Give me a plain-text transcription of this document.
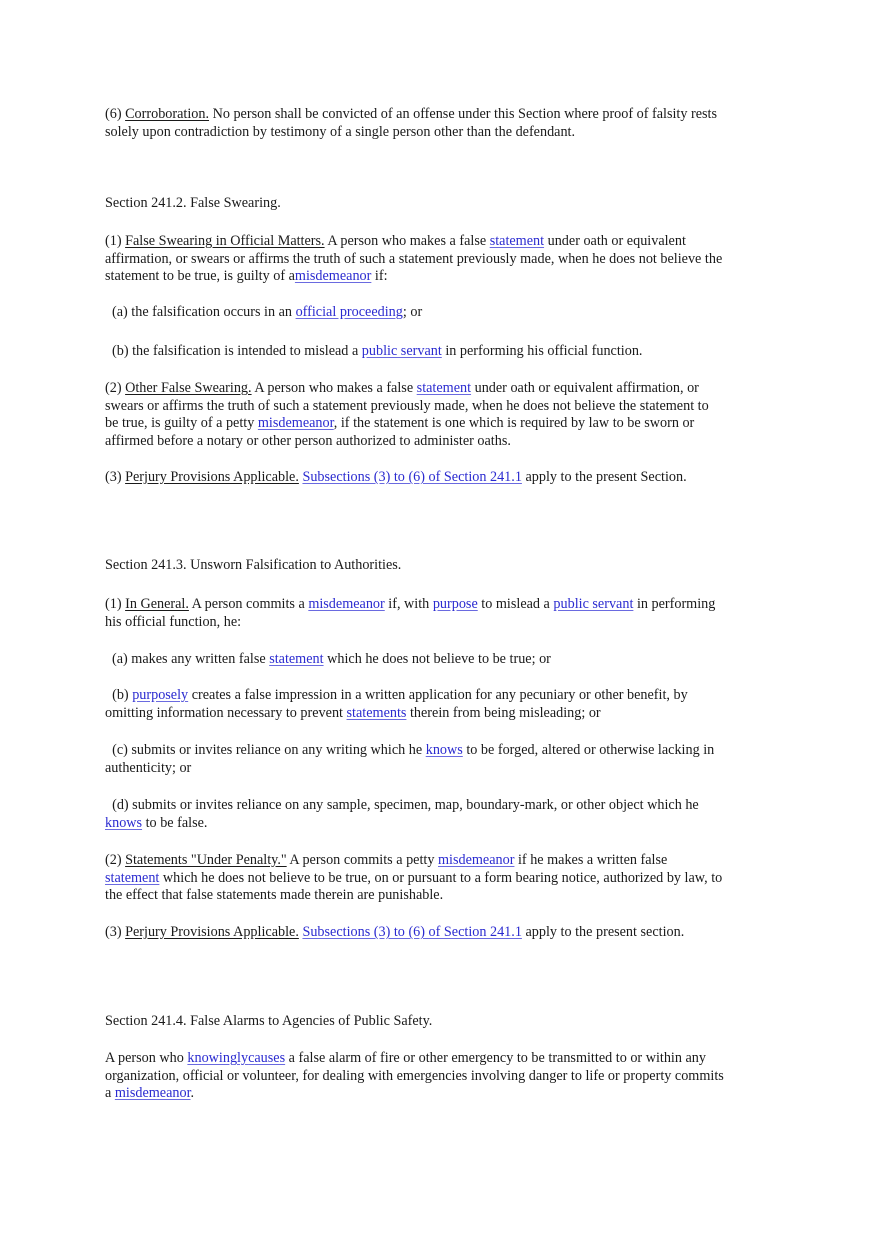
(6) Corroboration. No person shall be convicted of an offense under this Section where proof of falsity rests solely upon contradiction by testimony of a single person other than the defendant.

Section 241.2. False Swearing.

(1) False Swearing in Official Matters. A person who makes a false statement under oath or equivalent affirmation, or swears or affirms the truth of such a statement previously made, when he does not believe the statement to be true, is guilty of amisdemeanor if:

(a) the falsification occurs in an official proceeding; or

(b) the falsification is intended to mislead a public servant in performing his official function.

(2) Other False Swearing. A person who makes a false statement under oath or equivalent affirmation, or swears or affirms the truth of such a statement previously made, when he does not believe the statement to be true, is guilty of a petty misdemeanor, if the statement is one which is required by law to be sworn or affirmed before a notary or other person authorized to administer oaths.

(3) Perjury Provisions Applicable. Subsections (3) to (6) of Section 241.1 apply to the present Section.

Section 241.3. Unsworn Falsification to Authorities.

(1) In General. A person commits a misdemeanor if, with purpose to mislead a public servant in performing his official function, he:

(a) makes any written false statement which he does not believe to be true; or

(b) purposely creates a false impression in a written application for any pecuniary or other benefit, by omitting information necessary to prevent statements therein from being misleading; or

(c) submits or invites reliance on any writing which he knows to be forged, altered or otherwise lacking in authenticity; or

(d) submits or invites reliance on any sample, specimen, map, boundary-mark, or other object which he knows to be false.

(2) Statements "Under Penalty." A person commits a petty misdemeanor if he makes a written false statement which he does not believe to be true, on or pursuant to a form bearing notice, authorized by law, to the effect that false statements made therein are punishable.

(3) Perjury Provisions Applicable. Subsections (3) to (6) of Section 241.1 apply to the present section.

Section 241.4. False Alarms to Agencies of Public Safety.

A person who knowinglycauses a false alarm of fire or other emergency to be transmitted to or within any organization, official or volunteer, for dealing with emergencies involving danger to life or property commits a misdemeanor.
